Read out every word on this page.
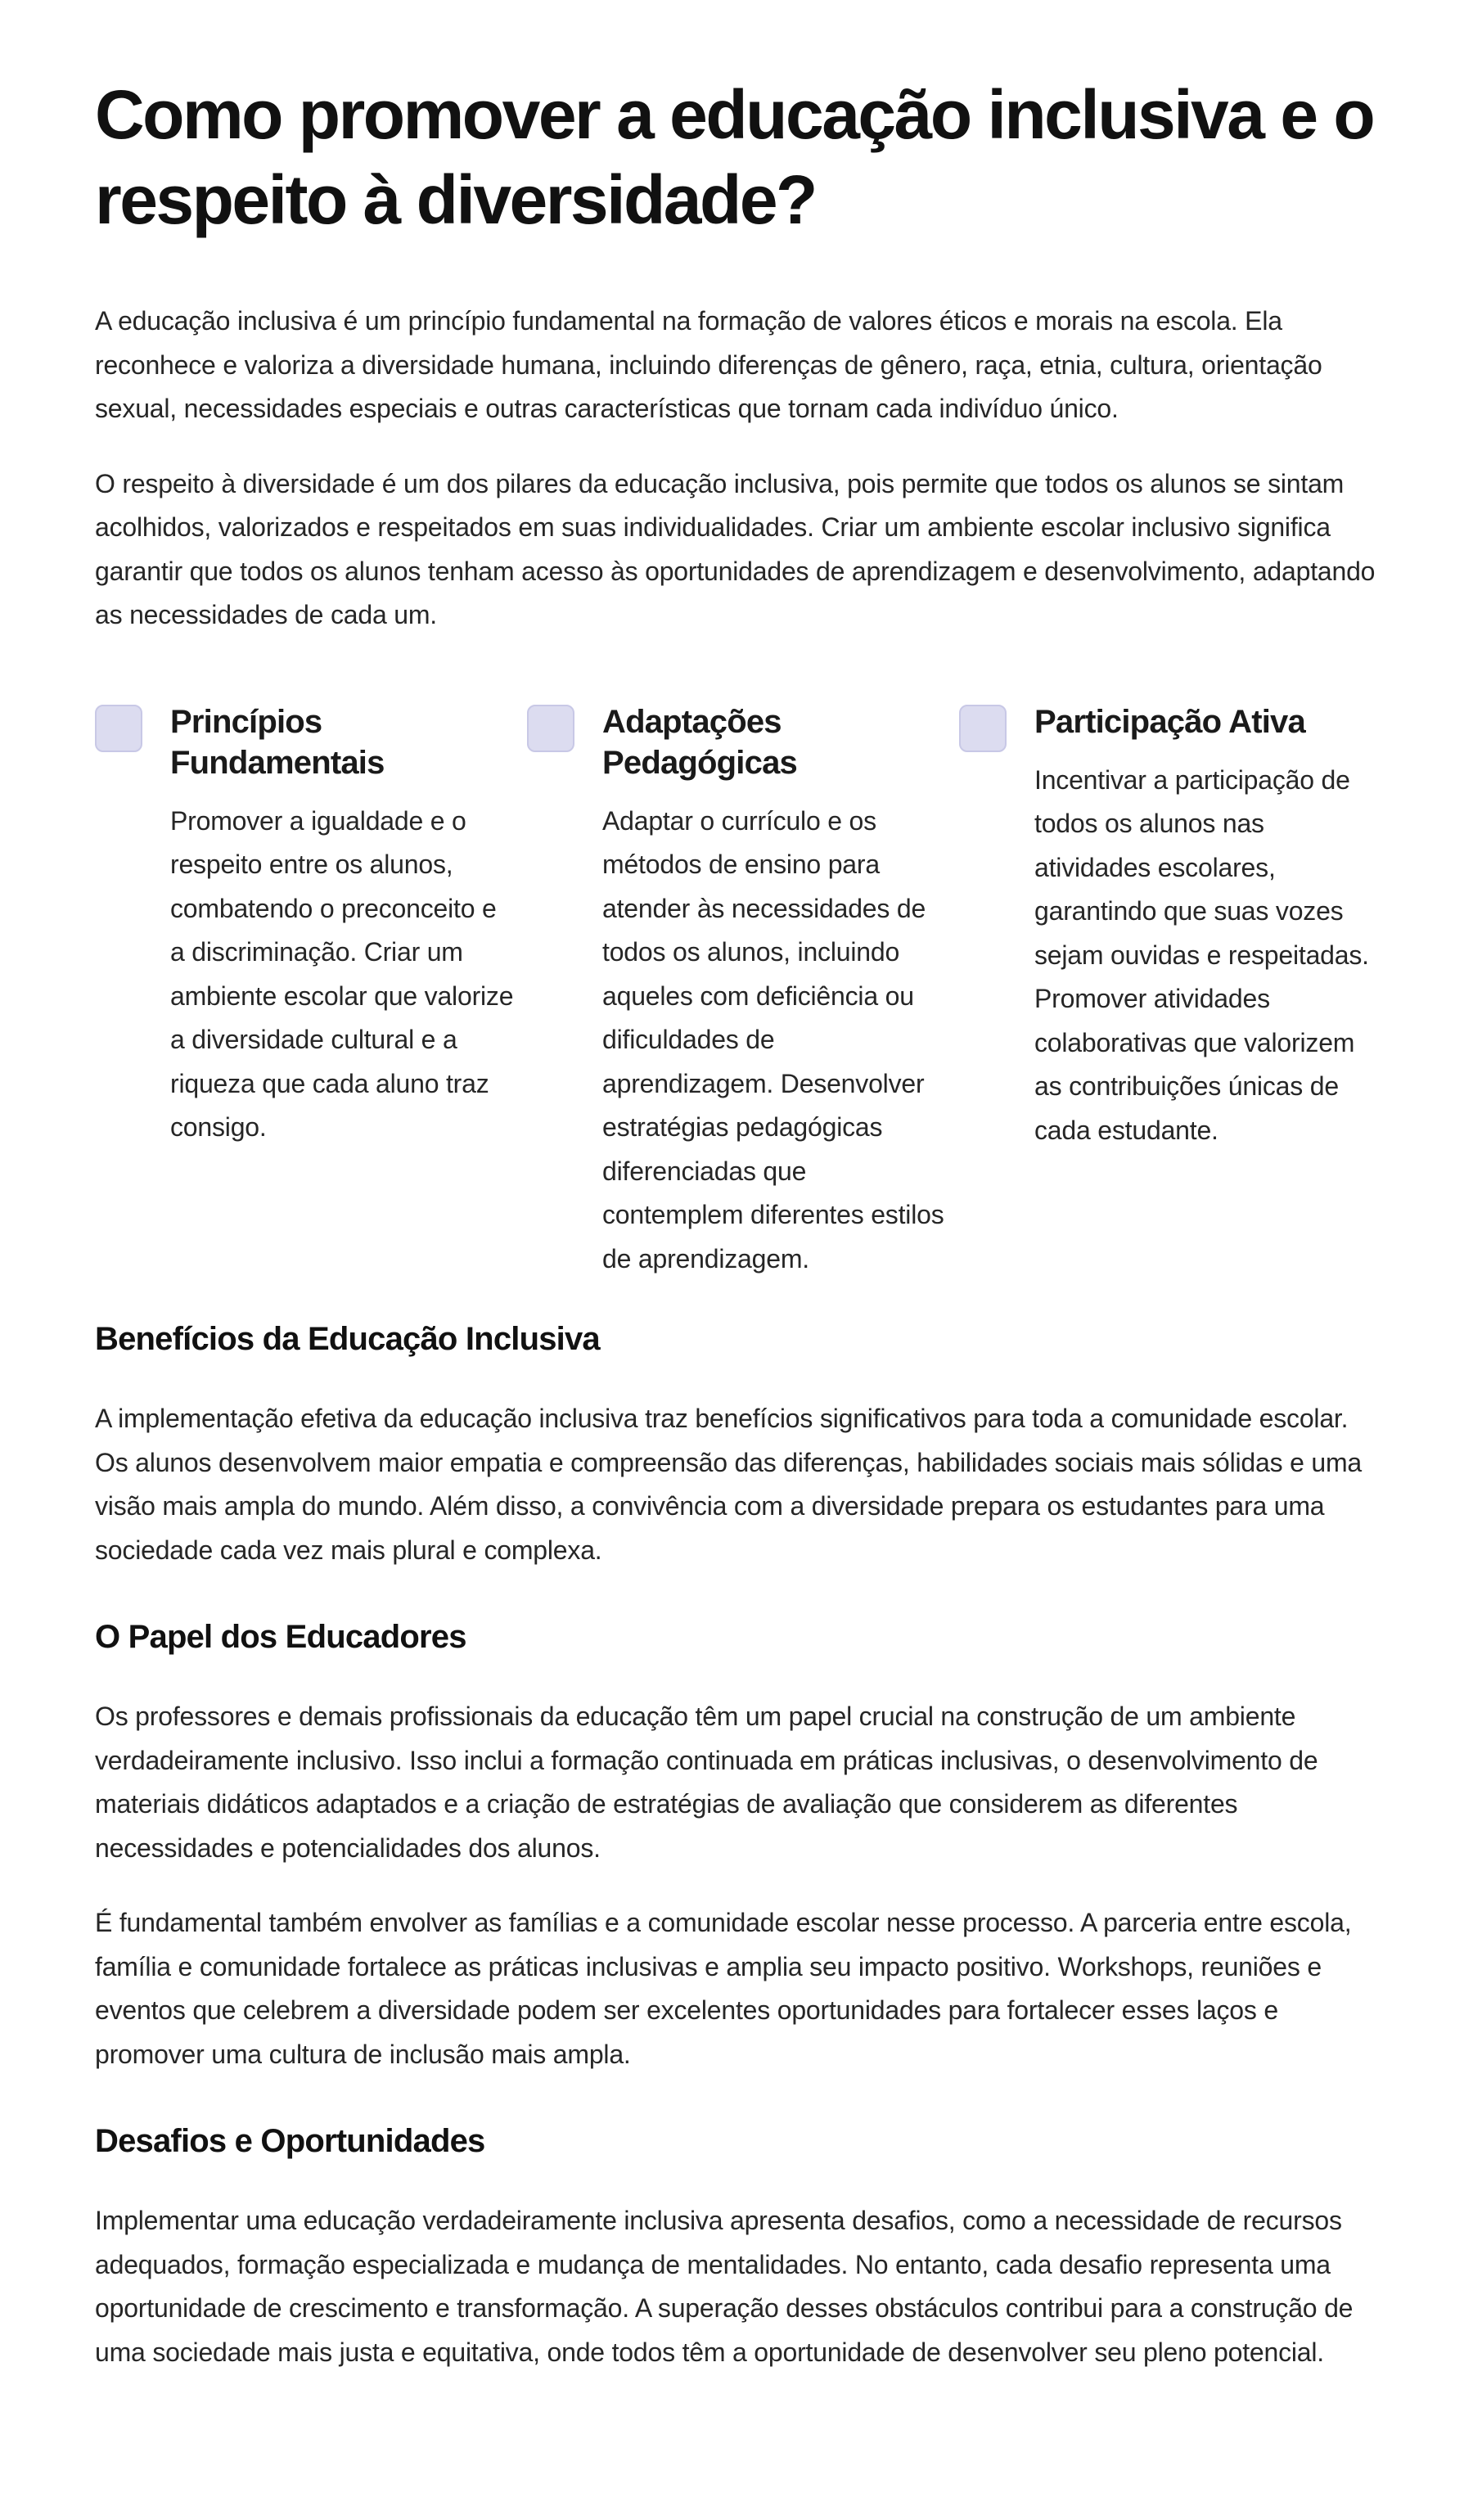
Como promover a educação inclusiva e o respeito à diversidade?

A educação inclusiva é um princípio fundamental na formação de valores éticos e morais na escola. Ela reconhece e valoriza a diversidade humana, incluindo diferenças de gênero, raça, etnia, cultura, orientação sexual, necessidades especiais e outras características que tornam cada indivíduo único.

O respeito à diversidade é um dos pilares da educação inclusiva, pois permite que todos os alunos se sintam acolhidos, valorizados e respeitados em suas individualidades. Criar um ambiente escolar inclusivo significa garantir que todos os alunos tenham acesso às oportunidades de aprendizagem e desenvolvimento, adaptando as necessidades de cada um.

Princípios Fundamentais

Promover a igualdade e o respeito entre os alunos, combatendo o preconceito e a discriminação. Criar um ambiente escolar que valorize a diversidade cultural e a riqueza que cada aluno traz consigo.

Adaptações Pedagógicas

Adaptar o currículo e os métodos de ensino para atender às necessidades de todos os alunos, incluindo aqueles com deficiência ou dificuldades de aprendizagem. Desenvolver estratégias pedagógicas diferenciadas que contemplem diferentes estilos de aprendizagem.

Participação Ativa

Incentivar a participação de todos os alunos nas atividades escolares, garantindo que suas vozes sejam ouvidas e respeitadas. Promover atividades colaborativas que valorizem as contribuições únicas de cada estudante.

Benefícios da Educação Inclusiva

A implementação efetiva da educação inclusiva traz benefícios significativos para toda a comunidade escolar. Os alunos desenvolvem maior empatia e compreensão das diferenças, habilidades sociais mais sólidas e uma visão mais ampla do mundo. Além disso, a convivência com a diversidade prepara os estudantes para uma sociedade cada vez mais plural e complexa.

O Papel dos Educadores

Os professores e demais profissionais da educação têm um papel crucial na construção de um ambiente verdadeiramente inclusivo. Isso inclui a formação continuada em práticas inclusivas, o desenvolvimento de materiais didáticos adaptados e a criação de estratégias de avaliação que considerem as diferentes necessidades e potencialidades dos alunos.

É fundamental também envolver as famílias e a comunidade escolar nesse processo. A parceria entre escola, família e comunidade fortalece as práticas inclusivas e amplia seu impacto positivo. Workshops, reuniões e eventos que celebrem a diversidade podem ser excelentes oportunidades para fortalecer esses laços e promover uma cultura de inclusão mais ampla.

Desafios e Oportunidades

Implementar uma educação verdadeiramente inclusiva apresenta desafios, como a necessidade de recursos adequados, formação especializada e mudança de mentalidades. No entanto, cada desafio representa uma oportunidade de crescimento e transformação. A superação desses obstáculos contribui para a construção de uma sociedade mais justa e equitativa, onde todos têm a oportunidade de desenvolver seu pleno potencial.
